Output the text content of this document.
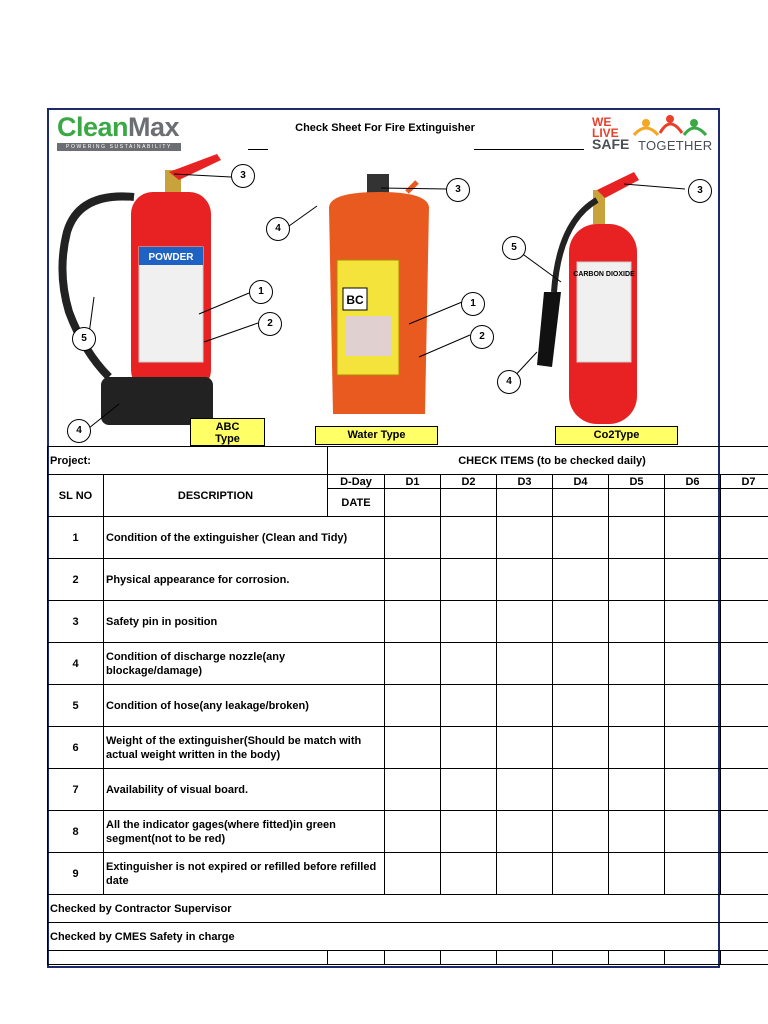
CleanMax
POWERING SUSTAINABILITY
Check Sheet For Fire Extinguisher	WE
LIVE
SAFE TOGETHER
POWDER
BC
CARBON DIOXIDE
3
1
2
5
4
3
1
2
4
3
5
4
ABC
Type	Water Type	Co2Type
Project:		CHECK ITEMS (to be checked daily)							
SL NO	DESCRIPTION	D-Day	D1	D2	D3	D4	D5	D6	D7
		DATE							
1	Condition of the extinguisher (Clean and Tidy)								
2	Physical appearance for corrosion.								
3	Safety pin in position								
4	Condition of discharge nozzle(any blockage/damage)								
5	Condition of hose(any leakage/broken)								
6	Weight of the extinguisher(Should be match with actual weight written in the body)								
7	Availability of visual board.								
8	All the indicator gages(where fitted)in green segment(not to be red)								
9	Extinguisher is not expired or refilled before refilled date								
Checked by Contractor Supervisor									
Checked by CMES Safety in charge									
